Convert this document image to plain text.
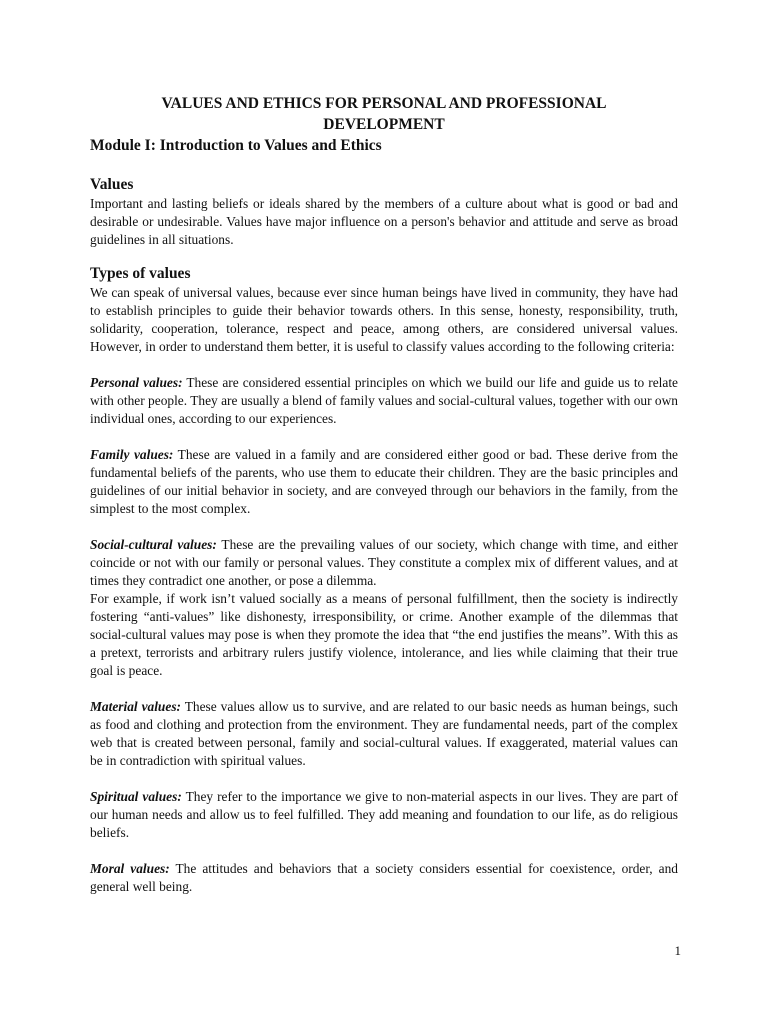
VALUES AND ETHICS FOR PERSONAL AND PROFESSIONAL
DEVELOPMENT

Module I: Introduction to Values and Ethics

Values

Important and lasting beliefs or ideals shared by the members of a culture about what is good or bad and desirable or undesirable. Values have major influence on a person's behavior and attitude and serve as broad guidelines in all situations.

Types of values

We can speak of universal values, because ever since human beings have lived in community, they have had to establish principles to guide their behavior towards others. In this sense, honesty, responsibility, truth, solidarity, cooperation, tolerance, respect and peace, among others, are considered universal values. However, in order to understand them better, it is useful to classify values according to the following criteria:

Personal values: These are considered essential principles on which we build our life and guide us to relate with other people. They are usually a blend of family values and social-cultural values, together with our own individual ones, according to our experiences.

Family values: These are valued in a family and are considered either good or bad. These derive from the fundamental beliefs of the parents, who use them to educate their children. They are the basic principles and guidelines of our initial behavior in society, and are conveyed through our behaviors in the family, from the simplest to the most complex.

Social-cultural values: These are the prevailing values of our society, which change with time, and either coincide or not with our family or personal values. They constitute a complex mix of different values, and at times they contradict one another, or pose a dilemma.

For example, if work isn’t valued socially as a means of personal fulfillment, then the society is indirectly fostering “anti-values” like dishonesty, irresponsibility, or crime. Another example of the dilemmas that social-cultural values may pose is when they promote the idea that “the end justifies the means”. With this as a pretext, terrorists and arbitrary rulers justify violence, intolerance, and lies while claiming that their true goal is peace.

Material values: These values allow us to survive, and are related to our basic needs as human beings, such as food and clothing and protection from the environment. They are fundamental needs, part of the complex web that is created between personal, family and social-cultural values. If exaggerated, material values can be in contradiction with spiritual values.

Spiritual values: They refer to the importance we give to non-material aspects in our lives. They are part of our human needs and allow us to feel fulfilled. They add meaning and foundation to our life, as do religious beliefs.

Moral values: The attitudes and behaviors that a society considers essential for coexistence, order, and general well being.

1
